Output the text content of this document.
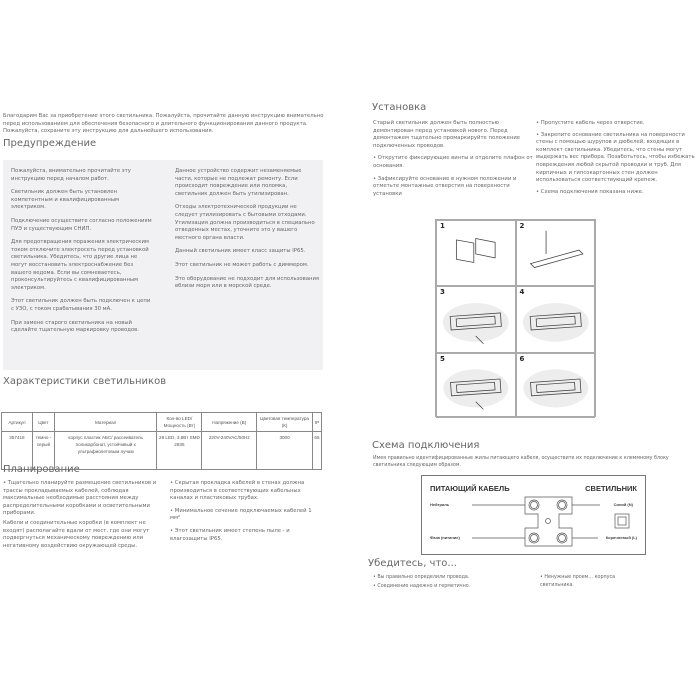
Благодарим Вас за приобретение этого светильника. Пожалуйста, прочитайте данную инструкцию внимательно перед использованием для обеспечения безопасного и длительного функционирования данного продукта. Пожалуйста, сохраните эту инструкцию для дальнейшего использования.
Предупреждение
Пожалуйста, внимательно прочитайте эту инструкцию перед началом работ.
Светильник должен быть установлен компетентным и квалифицированным электриком.
Подключение осуществите согласно положениям ПУЭ и существующим СНИП.
Для предотвращения поражения электрическим током отключите электросеть перед установкой светильника. Убедитесь, что другие лица не могут восстановить электроснабжение без вашего ведома. Если вы сомневаетесь, проконсультируйтесь с квалифицированным электриком.
Этот светильник должен быть подключен к цепи с УЗО, с током срабатывания 30 мА.
При замене старого светильника на новый сделайте тщательную маркировку проводов.
Данное устройство содержит незаменяемые части, которые не подлежат ремонту. Если происходит повреждение или поломка, светильник должен быть утилизирован.
Отходы электротехнической продукции не следует утилизировать с бытовыми отходами. Утилизация должна производиться в специально отведенных местах, уточните это у вашего местного органа власти.
Данный светильник имеет класс защиты IP65.
Этот светильник не может работь с диммером.
Это оборудование не подходит для использования вблизи моря или в морской среде.
Характеристики светильников
Артикул	Цвет	Материал	Кол-во LED/ Мощность (Вт)	Напряжение (В)	Цветовая температура (К)	IP
357418	темно - серый	корпус пластик АБС/ рассеиватель поликарбонат, устойчивый к ультрафиолетовым лучам	28 LED, 3,8Вт SMD 2835	220V-240VAC/50Hz	3000	65
Планирование
• Тщательно планируйте размещение светильников и трассы прокладываемых кабелей, соблюдая максимальные необходимые расстояния между распределительными коробками и осветительными приборами.
Кабели и соединительные коробки (в комплект не входят) располагайте вдали от мест, где они могут подвергнуться механическому повреждению или негативному воздействию окружающей среды.
• Скрытая прокладка кабелей в стенах должна производиться в соответствующих кабельных каналах и пластиковых трубах.
• Минимальное сечение подключаемых кабелей 1 мм²
• Этот светильник имеет степень пыле - и влагозащиты IP65.
Установка
Старый светильник должен быть полностью демонтирован перед установкой нового. Перед демонтажем тщательно промаркируйте положение подключенных проводов.
• Открутите фиксирующие винты и отделите плафон от основания.
• Зафиксируйте основание в нужном положении и отметьте монтажные отверстия на поверхности установки
• Пропустите кабель через отверстие.
• Закрепите основание светильника на поверхности стены с помощью шурупов и дюбелей, входящих в комплект светильника. Убедитесь, что стены могут выдержать вес прибора. Позаботьтесь, чтобы избежать повреждения любой скрытой проводки и труб. Для кирпичных и гипсокартонных стен должен использоваться соответствующий крепеж.
• Схема подключения показана ниже.
1	2
3	4
5	6
Схема подключения
Имея правильно идентифицированные жилы питающего кабеля, осуществите их подключение к клеммному блоку светильника следующим образом.
ПИТАЮЩИЙ КАБЕЛЬ	СВЕТИЛЬНИК
Нейтраль
Фаза (питание)
Синий (N)
Коричневый (L)
Убедитесь, что...
• Вы правильно определили провода.
• Соединение надежно и герметично.
• Ненужные проем… корпуса светильника.
